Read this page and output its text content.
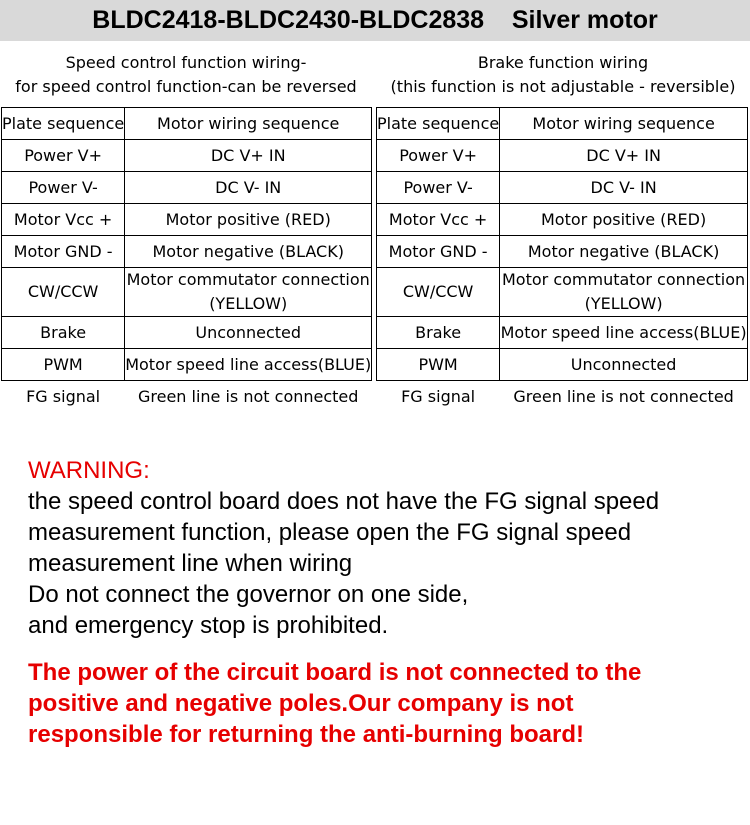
BLDC2418-BLDC2430-BLDC2838    Silver motor
Speed control function wiring-
for speed control function-can be reversed
Brake function wiring
(this function is not adjustable - reversible)
Plate sequence	Motor wiring sequence
Power V+	DC V+ IN
Power V-	DC V- IN
Motor Vcc +	Motor positive (RED)
Motor GND -	Motor negative (BLACK)
CW/CCW	Motor commutator connection (YELLOW)
Brake	Unconnected
PWM	Motor speed line access(BLUE)
FG signal	Green line is not connected
Plate sequence	Motor wiring sequence
Power V+	DC V+ IN
Power V-	DC V- IN
Motor Vcc +	Motor positive (RED)
Motor GND -	Motor negative (BLACK)
CW/CCW	Motor commutator connection (YELLOW)
Brake	Motor speed line access(BLUE)
PWM	Unconnected
FG signal	Green line is not connected
WARNING:
the speed control board does not have the FG signal speed
measurement function, please open the FG signal speed
measurement line when wiring
Do not connect the governor on one side,
and emergency stop is prohibited.
The power of the circuit board is not connected to the
positive and negative poles.Our company is not
responsible for returning the anti-burning board!
